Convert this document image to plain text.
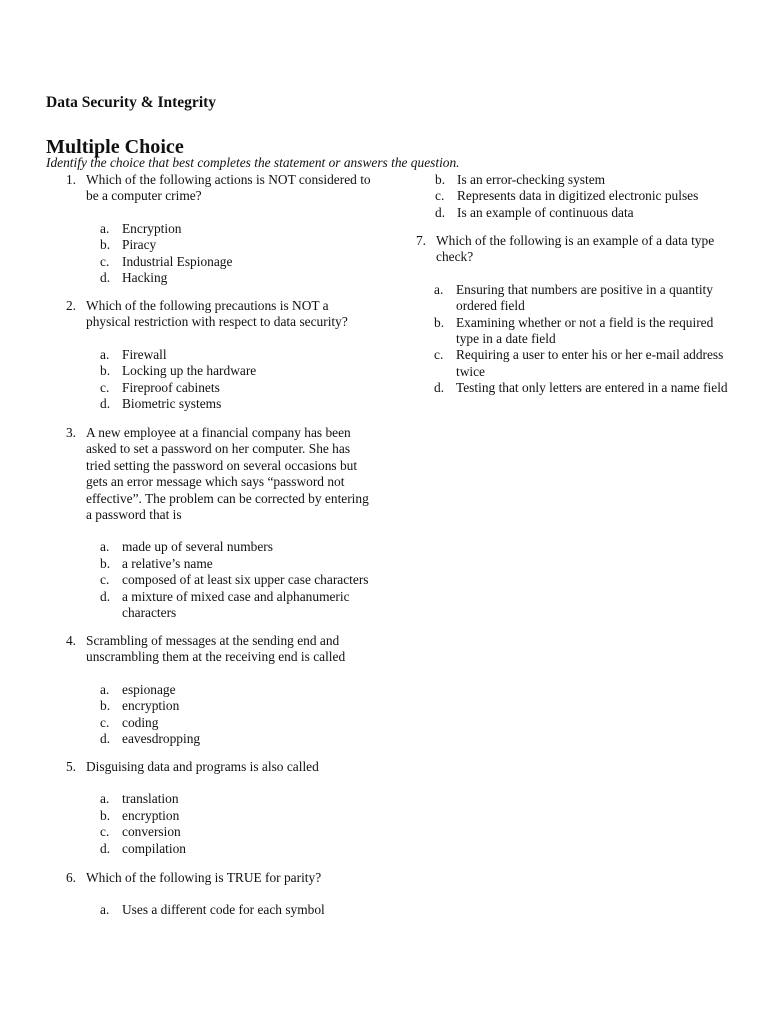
Data Security & Integrity
Multiple Choice

Identify the choice that best completes the statement or answers the question.

1. Which of the following actions is NOT considered to be a computer crime?
a. Encryption
b. Piracy
c. Industrial Espionage
d. Hacking
2. Which of the following precautions is NOT a physical restriction with respect to data security?
a. Firewall
b. Locking up the hardware
c. Fireproof cabinets
d. Biometric systems
3. A new employee at a financial company has been asked to set a password on her computer. She has tried setting the password on several occasions but gets an error message which says “password not effective”. The problem can be corrected by entering a password that is
a. made up of several numbers
b. a relative’s name
c. composed of at least six upper case characters
d. a mixture of mixed case and alphanumeric characters
4. Scrambling of messages at the sending end and unscrambling them at the receiving end is called
a. espionage
b. encryption
c. coding
d. eavesdropping
5. Disguising data and programs is also called
a. translation
b. encryption
c. conversion
d. compilation
6. Which of the following is TRUE for parity?
a. Uses a different code for each symbol
b. Is an error-checking system
c. Represents data in digitized electronic pulses
d. Is an example of continuous data
7. Which of the following is an example of a data type check?
a. Ensuring that numbers are positive in a quantity ordered field
b. Examining whether or not a field is the required type in a date field
c. Requiring a user to enter his or her e-mail address twice
d. Testing that only letters are entered in a name field
